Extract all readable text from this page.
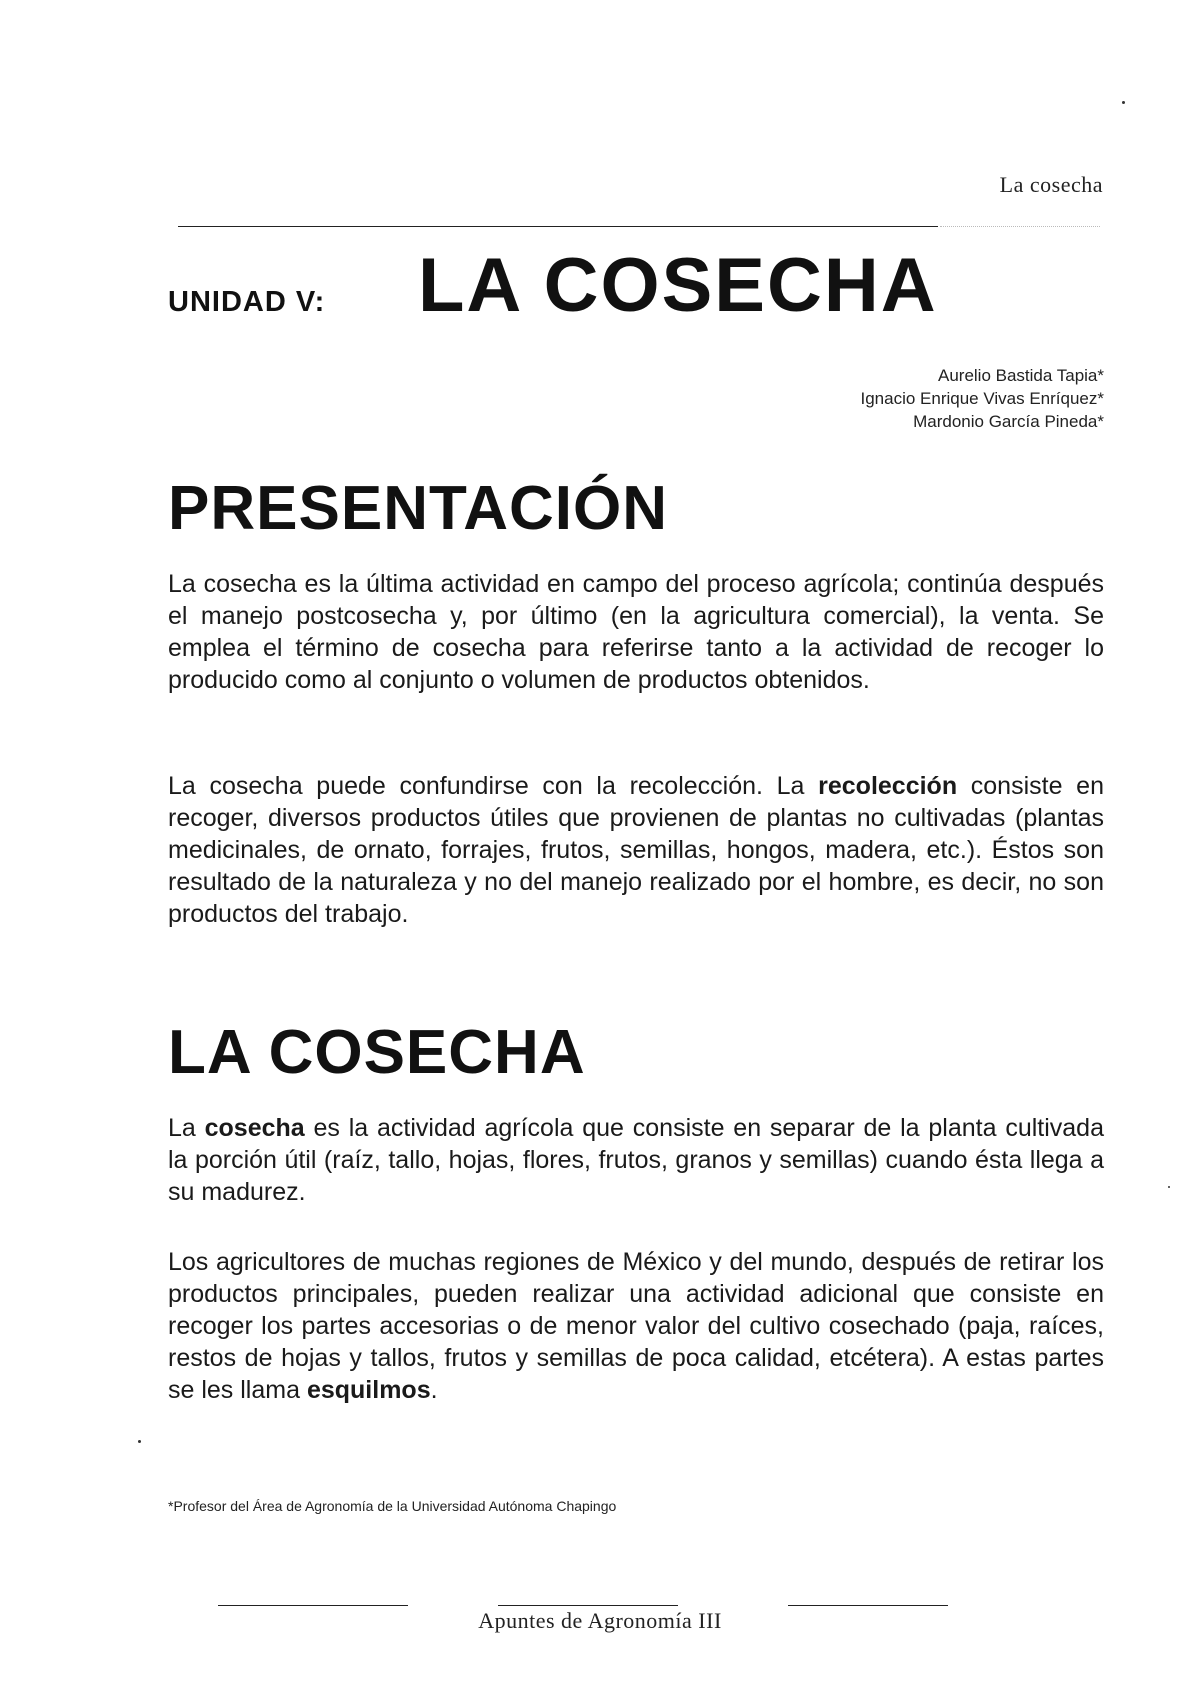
La cosecha
UNIDAD V: LA COSECHA
Aurelio Bastida Tapia*
Ignacio Enrique Vivas Enríquez*
Mardonio García Pineda*
PRESENTACIÓN

La cosecha es la última actividad en campo del proceso agrícola; continúa después el manejo postcosecha y, por último (en la agricultura comercial), la venta. Se emplea el término de cosecha para referirse tanto a la actividad de recoger lo producido como al conjunto o volumen de productos obtenidos.

La cosecha puede confundirse con la recolección. La recolección consiste en recoger, diversos productos útiles que provienen de plantas no cultivadas (plantas medicinales, de ornato, forrajes, frutos, semillas, hongos, madera, etc.). Éstos son resultado de la naturaleza y no del manejo realizado por el hombre, es decir, no son productos del trabajo.

LA COSECHA

La cosecha es la actividad agrícola que consiste en separar de la planta cultivada la porción útil (raíz, tallo, hojas, flores, frutos, granos y semillas) cuando ésta llega a su madurez.

Los agricultores de muchas regiones de México y del mundo, después de retirar los productos principales, pueden realizar una actividad adicional que consiste en recoger los partes accesorias o de menor valor del cultivo cosechado (paja, raíces, restos de hojas y tallos, frutos y semillas de poca calidad, etcétera). A estas partes se les llama esquilmos.

*Profesor del Área de Agronomía de la Universidad Autónoma Chapingo
Apuntes de Agronomía III
